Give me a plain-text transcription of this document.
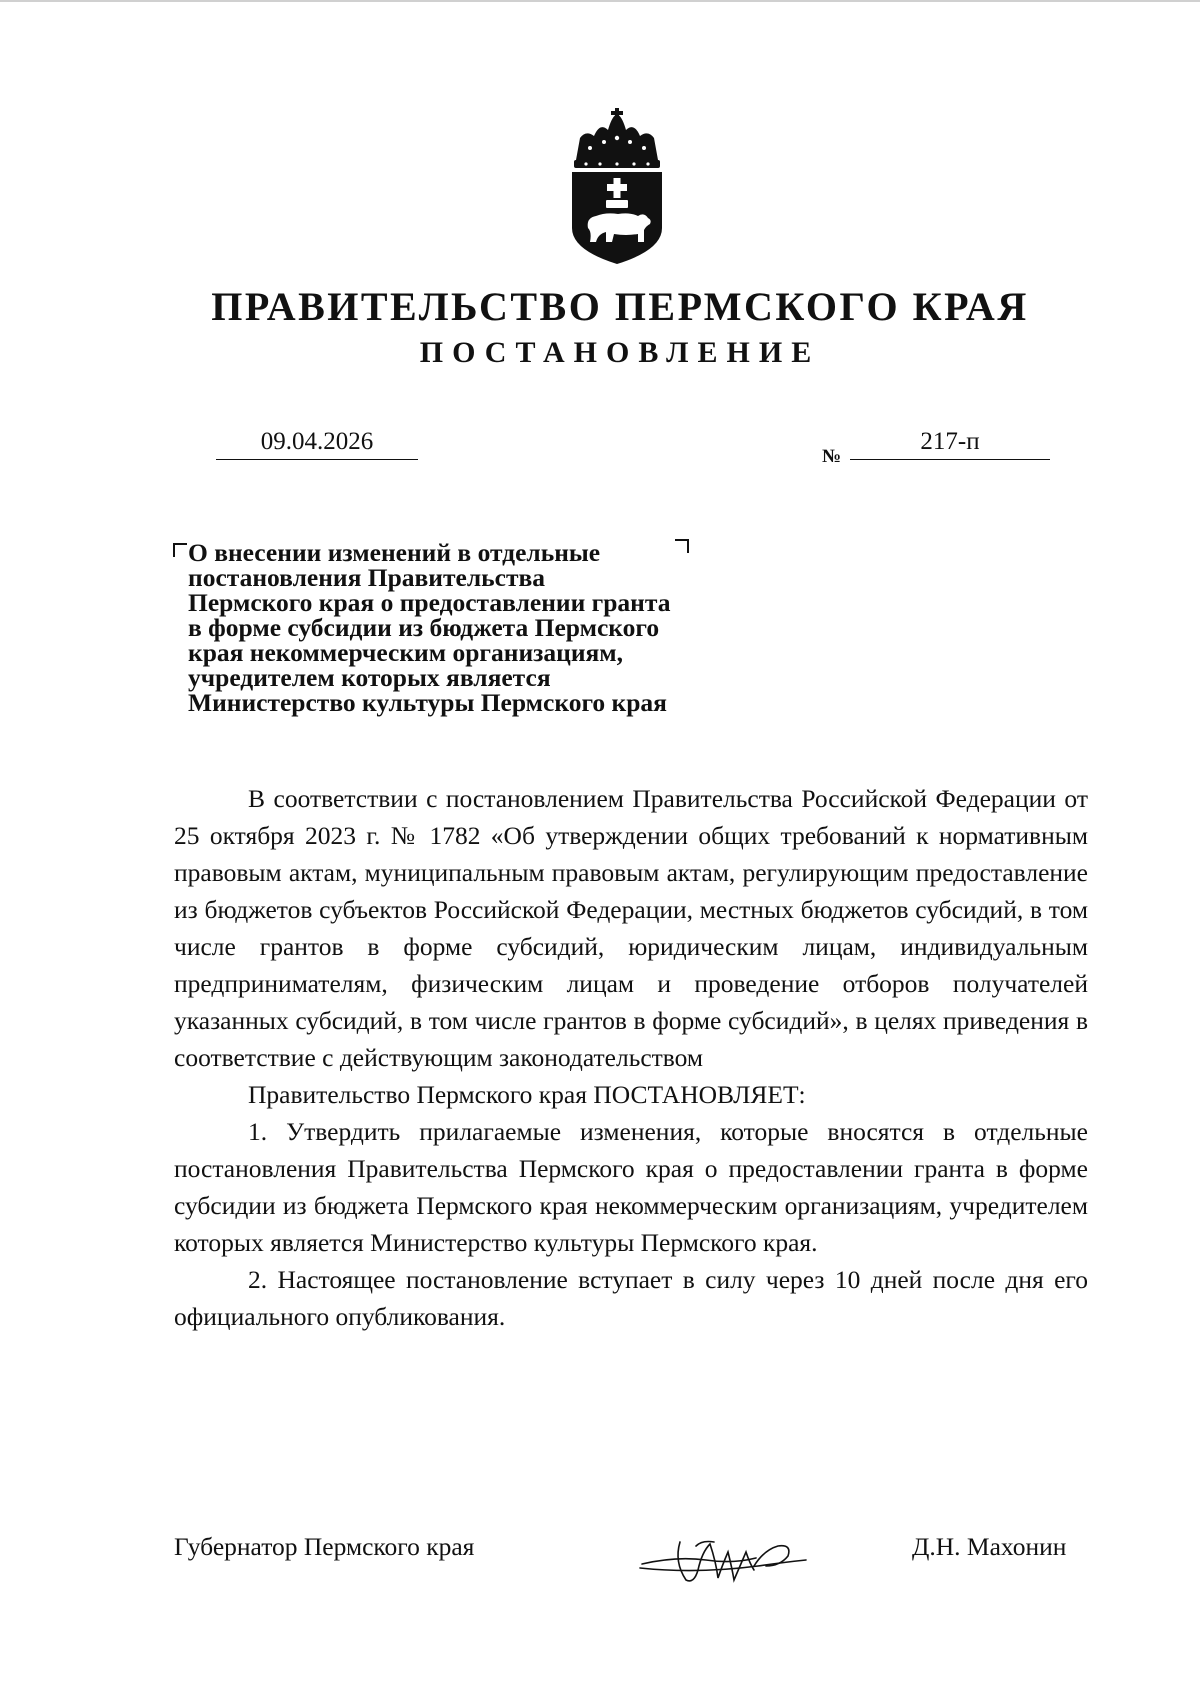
ПРАВИТЕЛЬСТВО ПЕРМСКОГО КРАЯ
ПОСТАНОВЛЕНИЕ
09.04.2026
№
217-п
О внесении изменений в отдельные
постановления Правительства
Пермского края о предоставлении гранта
в форме субсидии из бюджета Пермского
края некоммерческим организациям,
учредителем которых является
Министерство культуры Пермского края

В соответствии с постановлением Правительства Российской Федерации от 25 октября 2023 г. № 1782 «Об утверждении общих требований к нормативным правовым актам, муниципальным правовым актам, регулирующим предоставление из бюджетов субъектов Российской Федерации, местных бюджетов субсидий, в том числе грантов в форме субсидий, юридическим лицам, индивидуальным предпринимателям, физическим лицам и проведение отборов получателей указанных субсидий, в том числе грантов в форме субсидий», в целях приведения в соответствие с действующим законодательством

Правительство Пермского края ПОСТАНОВЛЯЕТ:

1. Утвердить прилагаемые изменения, которые вносятся в отдельные постановления Правительства Пермского края о предоставлении гранта в форме субсидии из бюджета Пермского края некоммерческим организациям, учредителем которых является Министерство культуры Пермского края.

2. Настоящее постановление вступает в силу через 10 дней после дня его официального опубликования.

Губернатор Пермского края	Д.Н. Махонин
